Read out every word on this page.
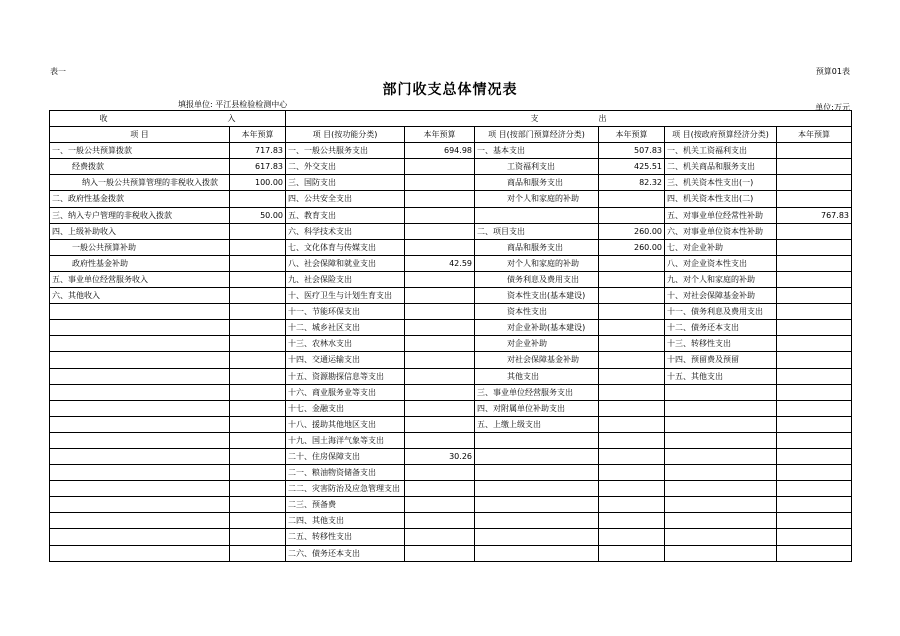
表一	预算01表
部门收支总体情况表
填报单位: 平江县检验检测中心	单位:万元
收 入		支 出					
项 目	本年预算	项 目(按功能分类)	本年预算	项 目(按部门预算经济分类)	本年预算	项 目(按政府预算经济分类)	本年预算
一、一般公共预算拨款	717.83	一、一般公共服务支出	694.98	一、基本支出	507.83	一、机关工资福利支出	
经费拨款	617.83	二、外交支出		工资福利支出	425.51	二、机关商品和服务支出	
纳入一般公共预算管理的非税收入拨款	100.00	三、国防支出		商品和服务支出	82.32	三、机关资本性支出(一)	
二、政府性基金拨款		四、公共安全支出		对个人和家庭的补助		四、机关资本性支出(二)	
三、纳入专户管理的非税收入拨款	50.00	五、教育支出				五、对事业单位经常性补助	767.83
四、上级补助收入		六、科学技术支出		二、项目支出	260.00	六、对事业单位资本性补助	
一般公共预算补助		七、文化体育与传媒支出		商品和服务支出	260.00	七、对企业补助	
政府性基金补助		八、社会保障和就业支出	42.59	对个人和家庭的补助		八、对企业资本性支出	
五、事业单位经营服务收入		九、社会保险支出		债务利息及费用支出		九、对个人和家庭的补助	
六、其他收入		十、医疗卫生与计划生育支出		资本性支出(基本建设)		十、对社会保障基金补助	
		十一、节能环保支出		资本性支出		十一、债务利息及费用支出	
		十二、城乡社区支出		对企业补助(基本建设)		十二、债务还本支出	
		十三、农林水支出		对企业补助		十三、转移性支出	
		十四、交通运输支出		对社会保障基金补助		十四、预留费及预留	
		十五、资源勘探信息等支出		其他支出		十五、其他支出	
		十六、商业服务业等支出		三、事业单位经营服务支出			
		十七、金融支出		四、对附属单位补助支出			
		十八、援助其他地区支出		五、上缴上级支出			
		十九、国土海洋气象等支出					
		二十、住房保障支出	30.26				
		二一、粮油物资储备支出					
		二二、灾害防治及应急管理支出					
		二三、预备费					
		二四、其他支出					
		二五、转移性支出					
		二六、债务还本支出					
